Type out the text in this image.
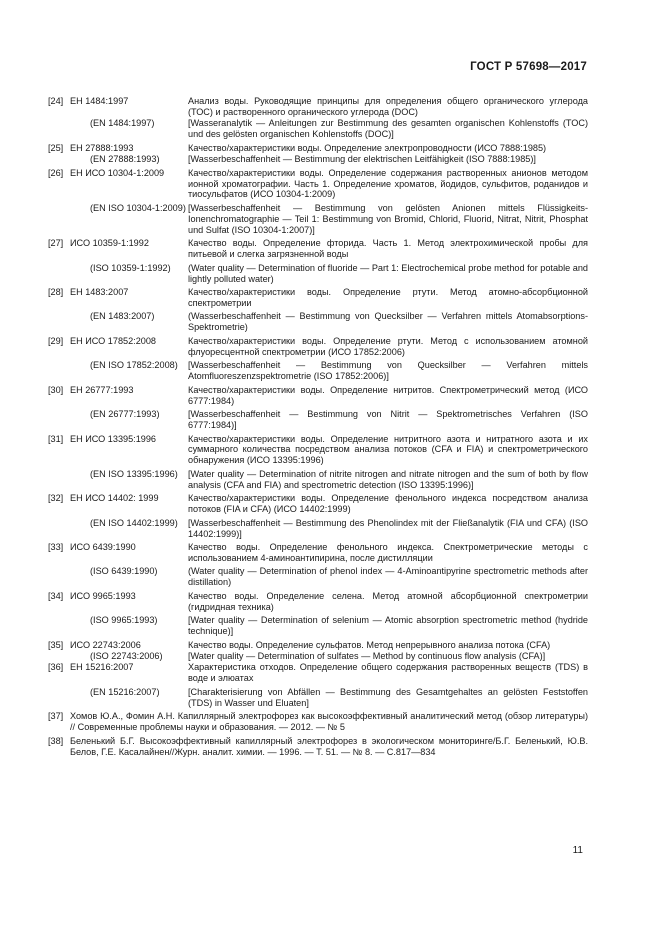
ГОСТ Р 57698—2017
[24] ЕН 1484:1997	Анализ воды. Руководящие принципы для определения общего органического углерода (ТОС) и растворенного органического углерода (DOC)
(EN 1484:1997)	[Wasseranalytik — Anleitungen zur Bestimmung des gesamten organischen Kohlenstoffs (TOC) und des gelösten organischen Kohlenstoffs (DOC)]
[25] ЕН 27888:1993	Качество/характеристики воды. Определение электропроводности (ИСО 7888:1985)
(EN 27888:1993)	[Wasserbeschaffenheit — Bestimmung der elektrischen Leitfähigkeit (ISO 7888:1985)]
[26] ЕН ИСО 10304-1:2009	Качество/характеристики воды. Определение содержания растворенных анионов методом ионной хроматографии. Часть 1. Определение хроматов, йодидов, сульфитов, роданидов и тиосульфатов (ИСО 10304-1:2009)
(EN ISO 10304-1:2009) [Wasserbeschaffenheit — Bestimmung von gelösten Anionen mittels Flüssigkeits-Ionenchromatographie — Teil 1: Bestimmung von Bromid, Chlorid, Fluorid, Nitrat, Nitrit, Phosphat und Sulfat (ISO 10304-1:2007)]
[27] ИСО 10359-1:1992	Качество воды. Определение фторида. Часть 1. Метод электрохимической пробы для питьевой и слегка загрязненной воды
(ISO 10359-1:1992)	(Water quality — Determination of fluoride — Part 1: Electrochemical probe method for potable and lightly polluted water)
[28] ЕН 1483:2007	Качество/характеристики воды. Определение ртути. Метод атомно-абсорбционной спектрометрии
(EN 1483:2007)	(Wasserbeschaffenheit — Bestimmung von Quecksilber — Verfahren mittels Atomabsorptions-Spektrometrie)
[29] ЕН ИСО 17852:2008	Качество/характеристики воды. Определение ртути. Метод с использованием атомной флуоресцентной спектрометрии (ИСО 17852:2006)
(EN ISO 17852:2008)	[Wasserbeschaffenheit — Bestimmung von Quecksilber — Verfahren mittels Atomfluoreszenzspektrometrie (ISO 17852:2006)]
[30] ЕН 26777:1993	Качество/характеристики воды. Определение нитритов. Спектрометрический метод (ИСО 6777:1984)
(EN 26777:1993)	[Wasserbeschaffenheit — Bestimmung von Nitrit — Spektrometrisches Verfahren (ISO 6777:1984)]
[31] ЕН ИСО 13395:1996	Качество/характеристики воды. Определение нитритного азота и нитратного азота и их суммарного количества посредством анализа потоков (CFA и FIA) и спектрометрического обнаружения (ИСО 13395:1996)
(EN ISO 13395:1996)	[Water quality — Determination of nitrite nitrogen and nitrate nitrogen and the sum of both by flow analysis (CFA and FIA) and spectrometric detection (ISO 13395:1996)]
[32] ЕН ИСО 14402: 1999	Качество/характеристики воды. Определение фенольного индекса посредством анализа потоков (FIA и CFA) (ИСО 14402:1999)
(EN ISO 14402:1999)	[Wasserbeschaffenheit — Bestimmung des Phenolindex mit der Fließanalytik (FIA und CFA) (ISO 14402:1999)]
[33] ИСО 6439:1990	Качество воды. Определение фенольного индекса. Спектрометрические методы с использованием 4-аминоантипирина, после дистилляции
(ISO 6439:1990)	(Water quality — Determination of phenol index — 4-Aminoantipyrine spectrometric methods after distillation)
[34] ИСО 9965:1993	Качество воды. Определение селена. Метод атомной абсорбционной спектрометрии (гидридная техника)
(ISO 9965:1993)	[Water quality — Determination of selenium — Atomic absorption spectrometric method (hydride technique)]
[35] ИСО 22743:2006	Качество воды. Определение сульфатов. Метод непрерывного анализа потока (CFA)
(ISO 22743:2006)	[Water quality — Determination of sulfates — Method by continuous flow analysis (CFA)]
[36] ЕН 15216:2007	Характеристика отходов. Определение общего содержания растворенных веществ (TDS) в воде и элюатах
(EN 15216:2007)	[Charakterisierung von Abfällen — Bestimmung des Gesamtgehaltes an gelösten Feststoffen (TDS) in Wasser und Eluaten]
[37] Хомов Ю.А., Фомин А.Н. Капиллярный электрофорез как высокоэффективный аналитический метод (обзор литературы) // Современные проблемы науки и образования. — 2012. — № 5
[38] Беленький Б.Г. Высокоэффективный капиллярный электрофорез в экологическом мониторинге/Б.Г. Беленький, Ю.В. Белов, Г.Е. Касалайнен//Журн. аналит. химии. — 1996. — Т. 51. — № 8. — С.817—834
11
